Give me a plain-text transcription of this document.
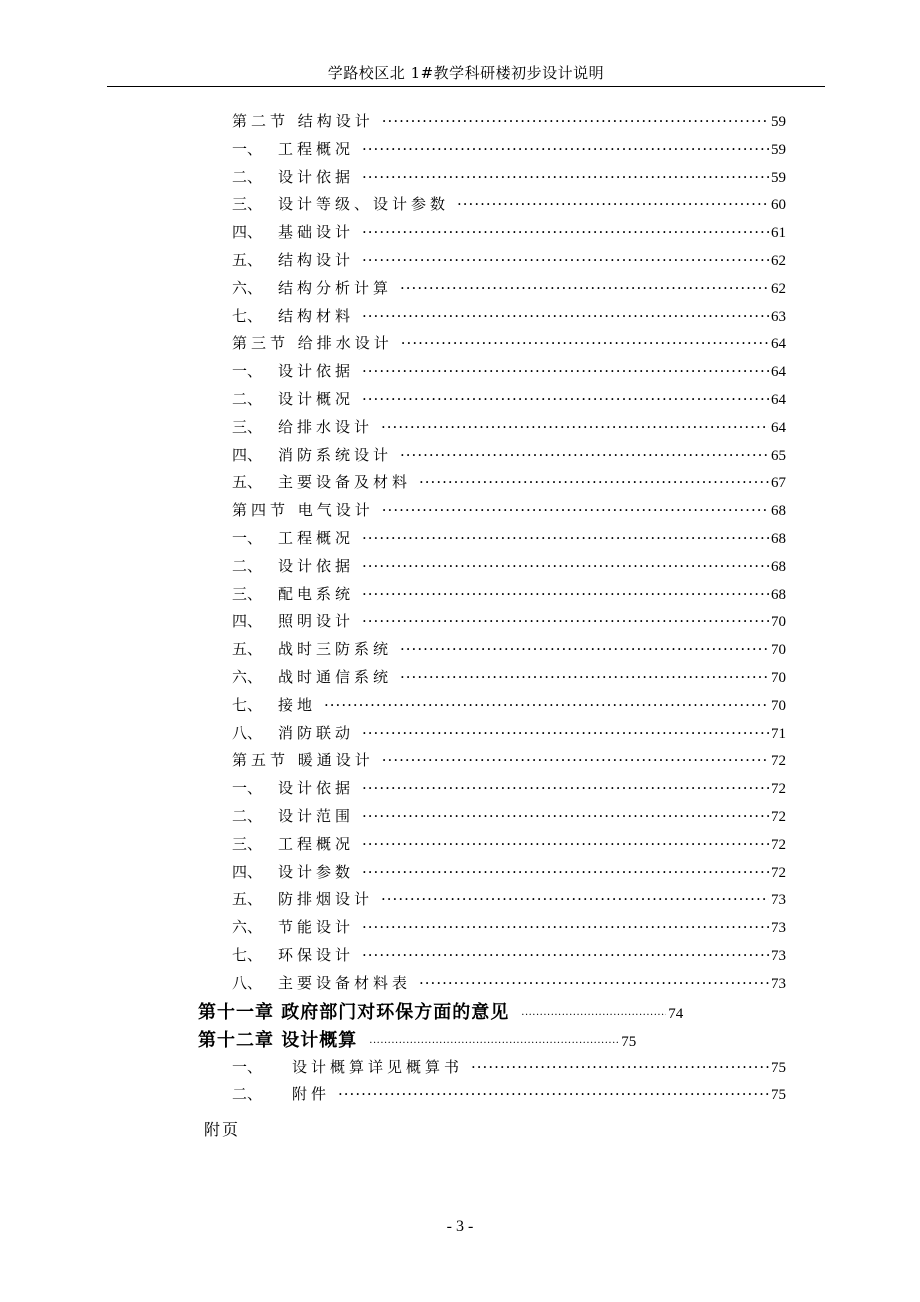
学路校区北 1#教学科研楼初步设计说明
第二节 结构设计 ·····	59
一、	工程概况 ·····	59
二、	设计依据 ·····	59
三、	设计等级、设计参数 ·····	60
四、	基础设计 ·····	61
五、	结构设计 ·····	62
六、	结构分析计算 ·····	62
七、	结构材料 ·····	63
第三节 给排水设计 ·····	64
一、	设计依据 ·····	64
二、	设计概况 ·····	64
三、	给排水设计 ·····	64
四、	消防系统设计 ·····	65
五、	主要设备及材料 ·····	67
第四节 电气设计 ·····	68
一、	工程概况 ·····	68
二、	设计依据 ·····	68
三、	配电系统 ·····	68
四、	照明设计 ·····	70
五、	战时三防系统 ·····	70
六、	战时通信系统 ·····	70
七、	接地 ·····	70
八、	消防联动 ·····	71
第五节 暖通设计 ·····	72
一、	设计依据 ·····	72
二、	设计范围 ·····	72
三、	工程概况 ·····	72
四、	设计参数 ·····	72
五、	防排烟设计 ·····	73
六、	节能设计 ·····	73
七、	环保设计 ·····	73
八、	主要设备材料表 ·····	73
第十一章 政府部门对环保方面的意见 ·····	74
第十二章 设计概算 ·····	75
一、	设计概算详见概算书 ·····	75
二、	附件 ·····	75
附页
- 3 -
